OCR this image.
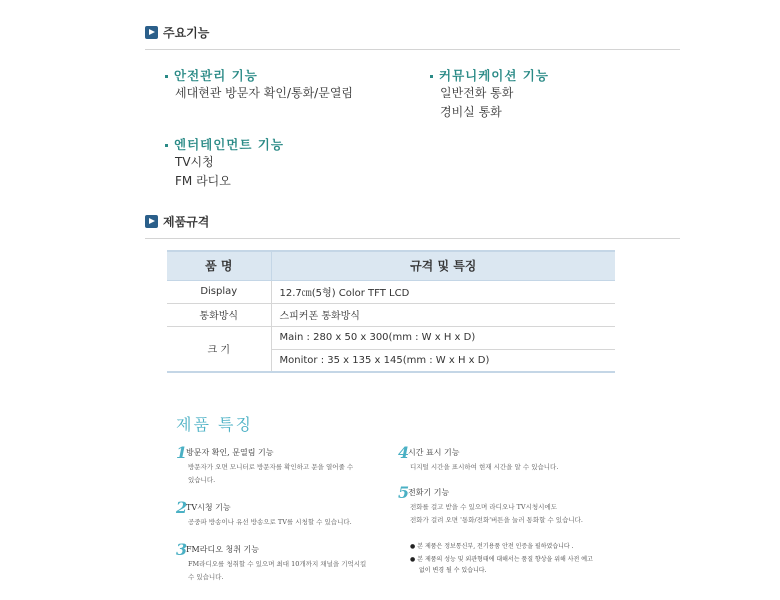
주요기능
안전관리 기능
세대현관 방문자 확인/통화/문열림
커뮤니케이션 기능
일반전화 통화
경비실 통화
엔터테인먼트 기능
TV시청
FM 라디오
제품규격
품 명	규격 및 특징
Display	12.7㎝(5형) Color TFT LCD
통화방식	스피커폰 통화방식
크 기	Main : 280 x 50 x 300(mm : W x H x D)
	Monitor : 35 x 135 x 145(mm : W x H x D)
제품 특징
1
방문자 확인, 문열림 기능
방문자가 오면 모니터로 방문자를 확인하고 문을 열어줄 수
있습니다.
2
TV시청 기능
공중파 방송이나 유선 방송으로 TV를 시청할 수 있습니다.
3
FM라디오 청취 기능
FM라디오를 청취할 수 있으며 최대 10개까지 채널을 기억시킬
수 있습니다.
4
시간 표시 기능
디지털 시간을 표시하여 현재 시간을 알 수 있습니다.
5
전화기 기능
전화를 걸고 받을 수 있으며 라디오나 TV시청시에도
전화가 걸려 오면 '통화/전화'버튼을 눌러 통화할 수 있습니다.
● 본 제품은 정보통신부, 전기용품 안전 인증을 필하였습니다 .
● 본 제품의 성능 및 외관형태에 대해서는 품질 향상을 위해 사전 예고
없이 변경 될 수 있습니다.
